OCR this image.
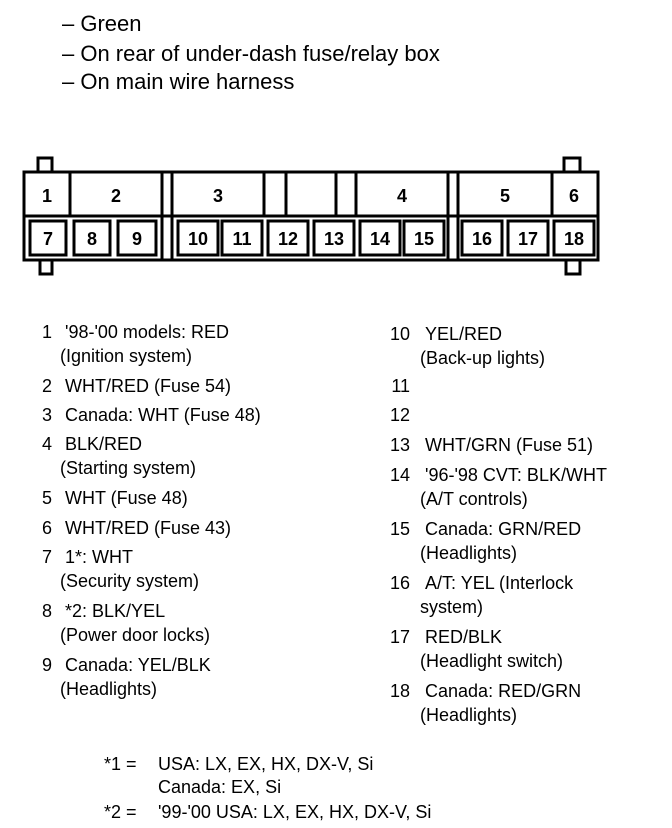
– Green
– On rear of under-dash fuse/relay box
– On main wire harness
1	2	3	4	5	6
7 8 9	10 11 12 13 14 15 16 17 18
1 '98-'00 models: RED
(Ignition system)
2 WHT/RED (Fuse 54)
3 Canada: WHT (Fuse 48)
4 BLK/RED
(Starting system)
5 WHT (Fuse 48)
6 WHT/RED (Fuse 43)
7 1*: WHT
(Security system)
8 *2: BLK/YEL
(Power door locks)
9 Canada: YEL/BLK
(Headlights)
10 YEL/RED
(Back-up lights)
11
12
13 WHT/GRN (Fuse 51)
14 '96-'98 CVT: BLK/WHT
(A/T controls)
15 Canada: GRN/RED
(Headlights)
16 A/T: YEL (Interlock
system)
17 RED/BLK
(Headlight switch)
18 Canada: RED/GRN
(Headlights)
*1 = USA: LX, EX, HX, DX-V, Si
Canada: EX, Si
*2 = '99-'00 USA: LX, EX, HX, DX-V, Si
